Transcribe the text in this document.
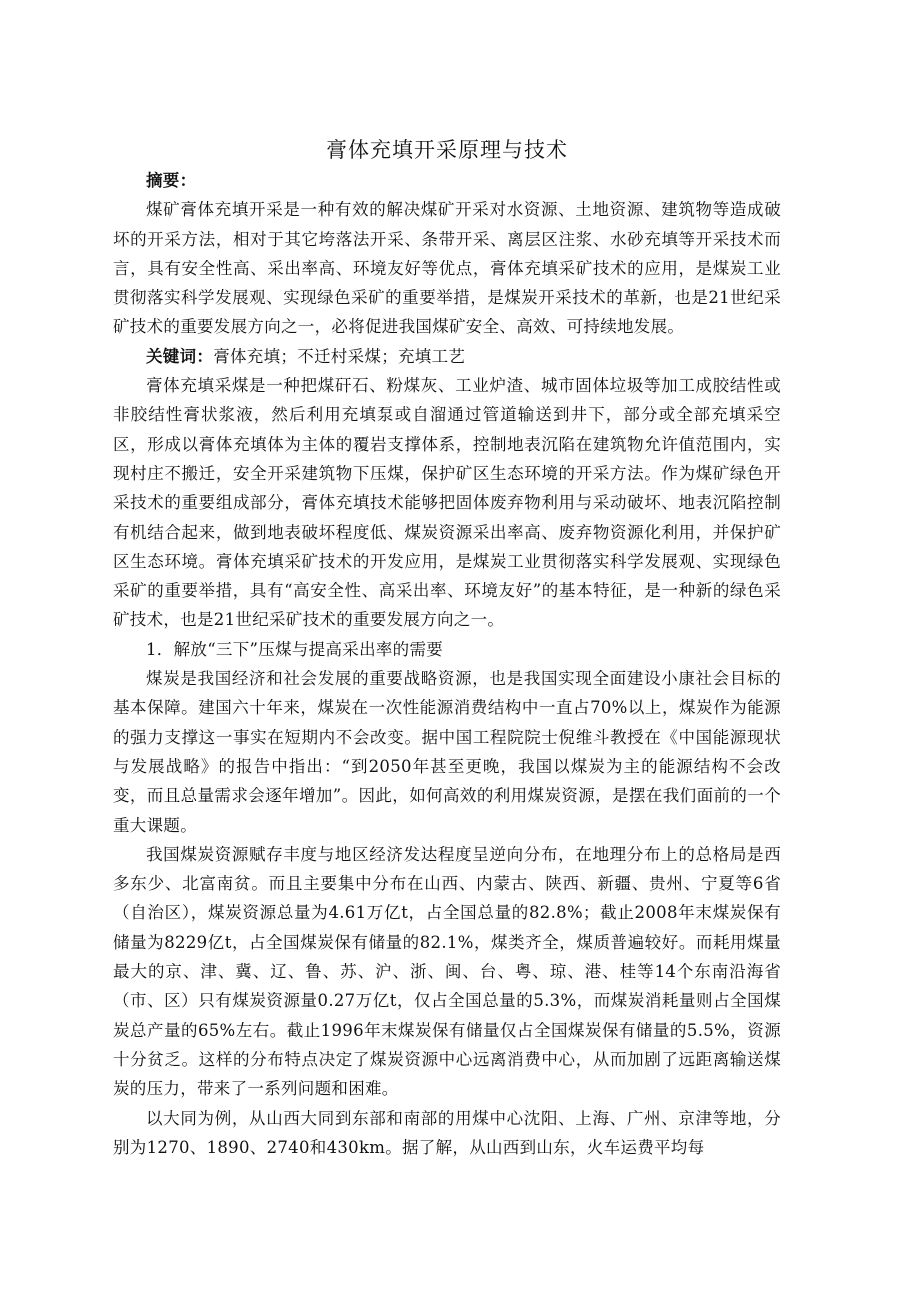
膏体充填开采原理与技术

摘要：

煤矿膏体充填开采是一种有效的解决煤矿开采对水资源、土地资源、建筑物等造成破坏的开采方法，相对于其它垮落法开采、条带开采、离层区注浆、水砂充填等开采技术而言，具有安全性高、采出率高、环境友好等优点，膏体充填采矿技术的应用，是煤炭工业贯彻落实科学发展观、实现绿色采矿的重要举措，是煤炭开采技术的革新，也是21世纪采矿技术的重要发展方向之一，必将促进我国煤矿安全、高效、可持续地发展。

关键词：膏体充填；不迁村采煤；充填工艺

膏体充填采煤是一种把煤矸石、粉煤灰、工业炉渣、城市固体垃圾等加工成胶结性或非胶结性膏状浆液，然后利用充填泵或自溜通过管道输送到井下，部分或全部充填采空区，形成以膏体充填体为主体的覆岩支撑体系，控制地表沉陷在建筑物允许值范围内，实现村庄不搬迁，安全开采建筑物下压煤，保护矿区生态环境的开采方法。作为煤矿绿色开采技术的重要组成部分，膏体充填技术能够把固体废弃物利用与采动破坏、地表沉陷控制有机结合起来，做到地表破坏程度低、煤炭资源采出率高、废弃物资源化利用，并保护矿区生态环境。膏体充填采矿技术的开发应用，是煤炭工业贯彻落实科学发展观、实现绿色采矿的重要举措，具有“高安全性、高采出率、环境友好”的基本特征，是一种新的绿色采矿技术，也是21世纪采矿技术的重要发展方向之一。

1．解放“三下”压煤与提高采出率的需要

煤炭是我国经济和社会发展的重要战略资源，也是我国实现全面建设小康社会目标的基本保障。建国六十年来，煤炭在一次性能源消费结构中一直占70%以上，煤炭作为能源的强力支撑这一事实在短期内不会改变。据中国工程院院士倪维斗教授在《中国能源现状与发展战略》的报告中指出：“到2050年甚至更晚，我国以煤炭为主的能源结构不会改变，而且总量需求会逐年增加”。因此，如何高效的利用煤炭资源，是摆在我们面前的一个重大课题。

我国煤炭资源赋存丰度与地区经济发达程度呈逆向分布，在地理分布上的总格局是西多东少、北富南贫。而且主要集中分布在山西、内蒙古、陕西、新疆、贵州、宁夏等6省（自治区），煤炭资源总量为4.61万亿t，占全国总量的82.8%；截止2008年末煤炭保有储量为8229亿t，占全国煤炭保有储量的82.1%，煤类齐全，煤质普遍较好。而耗用煤量最大的京、津、冀、辽、鲁、苏、沪、浙、闽、台、粤、琼、港、桂等14个东南沿海省（市、区）只有煤炭资源量0.27万亿t，仅占全国总量的5.3%，而煤炭消耗量则占全国煤炭总产量的65%左右。截止1996年末煤炭保有储量仅占全国煤炭保有储量的5.5%，资源十分贫乏。这样的分布特点决定了煤炭资源中心远离消费中心，从而加剧了远距离输送煤炭的压力，带来了一系列问题和困难。

以大同为例，从山西大同到东部和南部的用煤中心沈阳、上海、广州、京津等地，分别为1270、1890、2740和430km。据了解，从山西到山东，火车运费平均每
